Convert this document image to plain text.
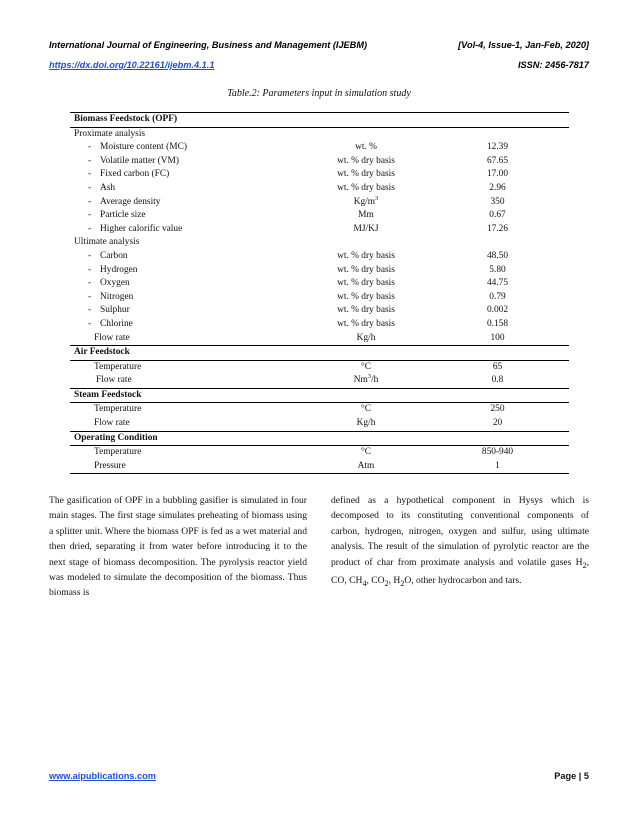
International Journal of Engineering, Business and Management (IJEBM)	[Vol-4, Issue-1, Jan-Feb, 2020]
https://dx.doi.org/10.22161/ijebm.4.1.1	ISSN: 2456-7817
Table.2: Parameters input in simulation study
Biomass Feedstock (OPF)		
Proximate analysis		
- Moisture content (MC)	wt. %	12.39
- Volatile matter (VM)	wt. % dry basis	67.65
- Fixed carbon (FC)	wt. % dry basis	17.00
- Ash	wt. % dry basis	2.96
- Average density	$Kg/m^3$	350
- Particle size	Mm	0.67
- Higher calorific value	MJ/KJ	17.26
Ultimate analysis		
- Carbon	wt. % dry basis	48.50
- Hydrogen	wt. % dry basis	5.80
- Oxygen	wt. % dry basis	44.75
- Nitrogen	wt. % dry basis	0.79
- Sulphur	wt. % dry basis	0.002
- Chlorine	wt. % dry basis	0.158
Flow rate	Kg/h	100
Air Feedstock		
Temperature	°C	65
Flow rate	Nm$^3$/h	0.8
Steam Feedstock		
Temperature	°C	250
Flow rate	Kg/h	20
Operating Condition		
Temperature	°C	850-940
Pressure	Atm	1
The gasification of OPF in a bubbling gasifier is simulated in four main stages. The first stage simulates preheating of biomass using a splitter unit. Where the biomass OPF is fed as a wet material and then dried, separating it from water before introducing it to the next stage of biomass decomposition. The pyrolysis reactor yield was modeled to simulate the decomposition of the biomass. Thus biomass is
defined as a hypothetical component in Hysys which is decomposed to its constituting conventional components of carbon, hydrogen, nitrogen, oxygen and sulfur, using ultimate analysis. The result of the simulation of pyrolytic reactor are the product of char from proximate analysis and volatile gases $H_2$, CO, $CH_4$, $CO_2$, $H_2O$, other hydrocarbon and tars.
www.aipublications.com	Page | 5
